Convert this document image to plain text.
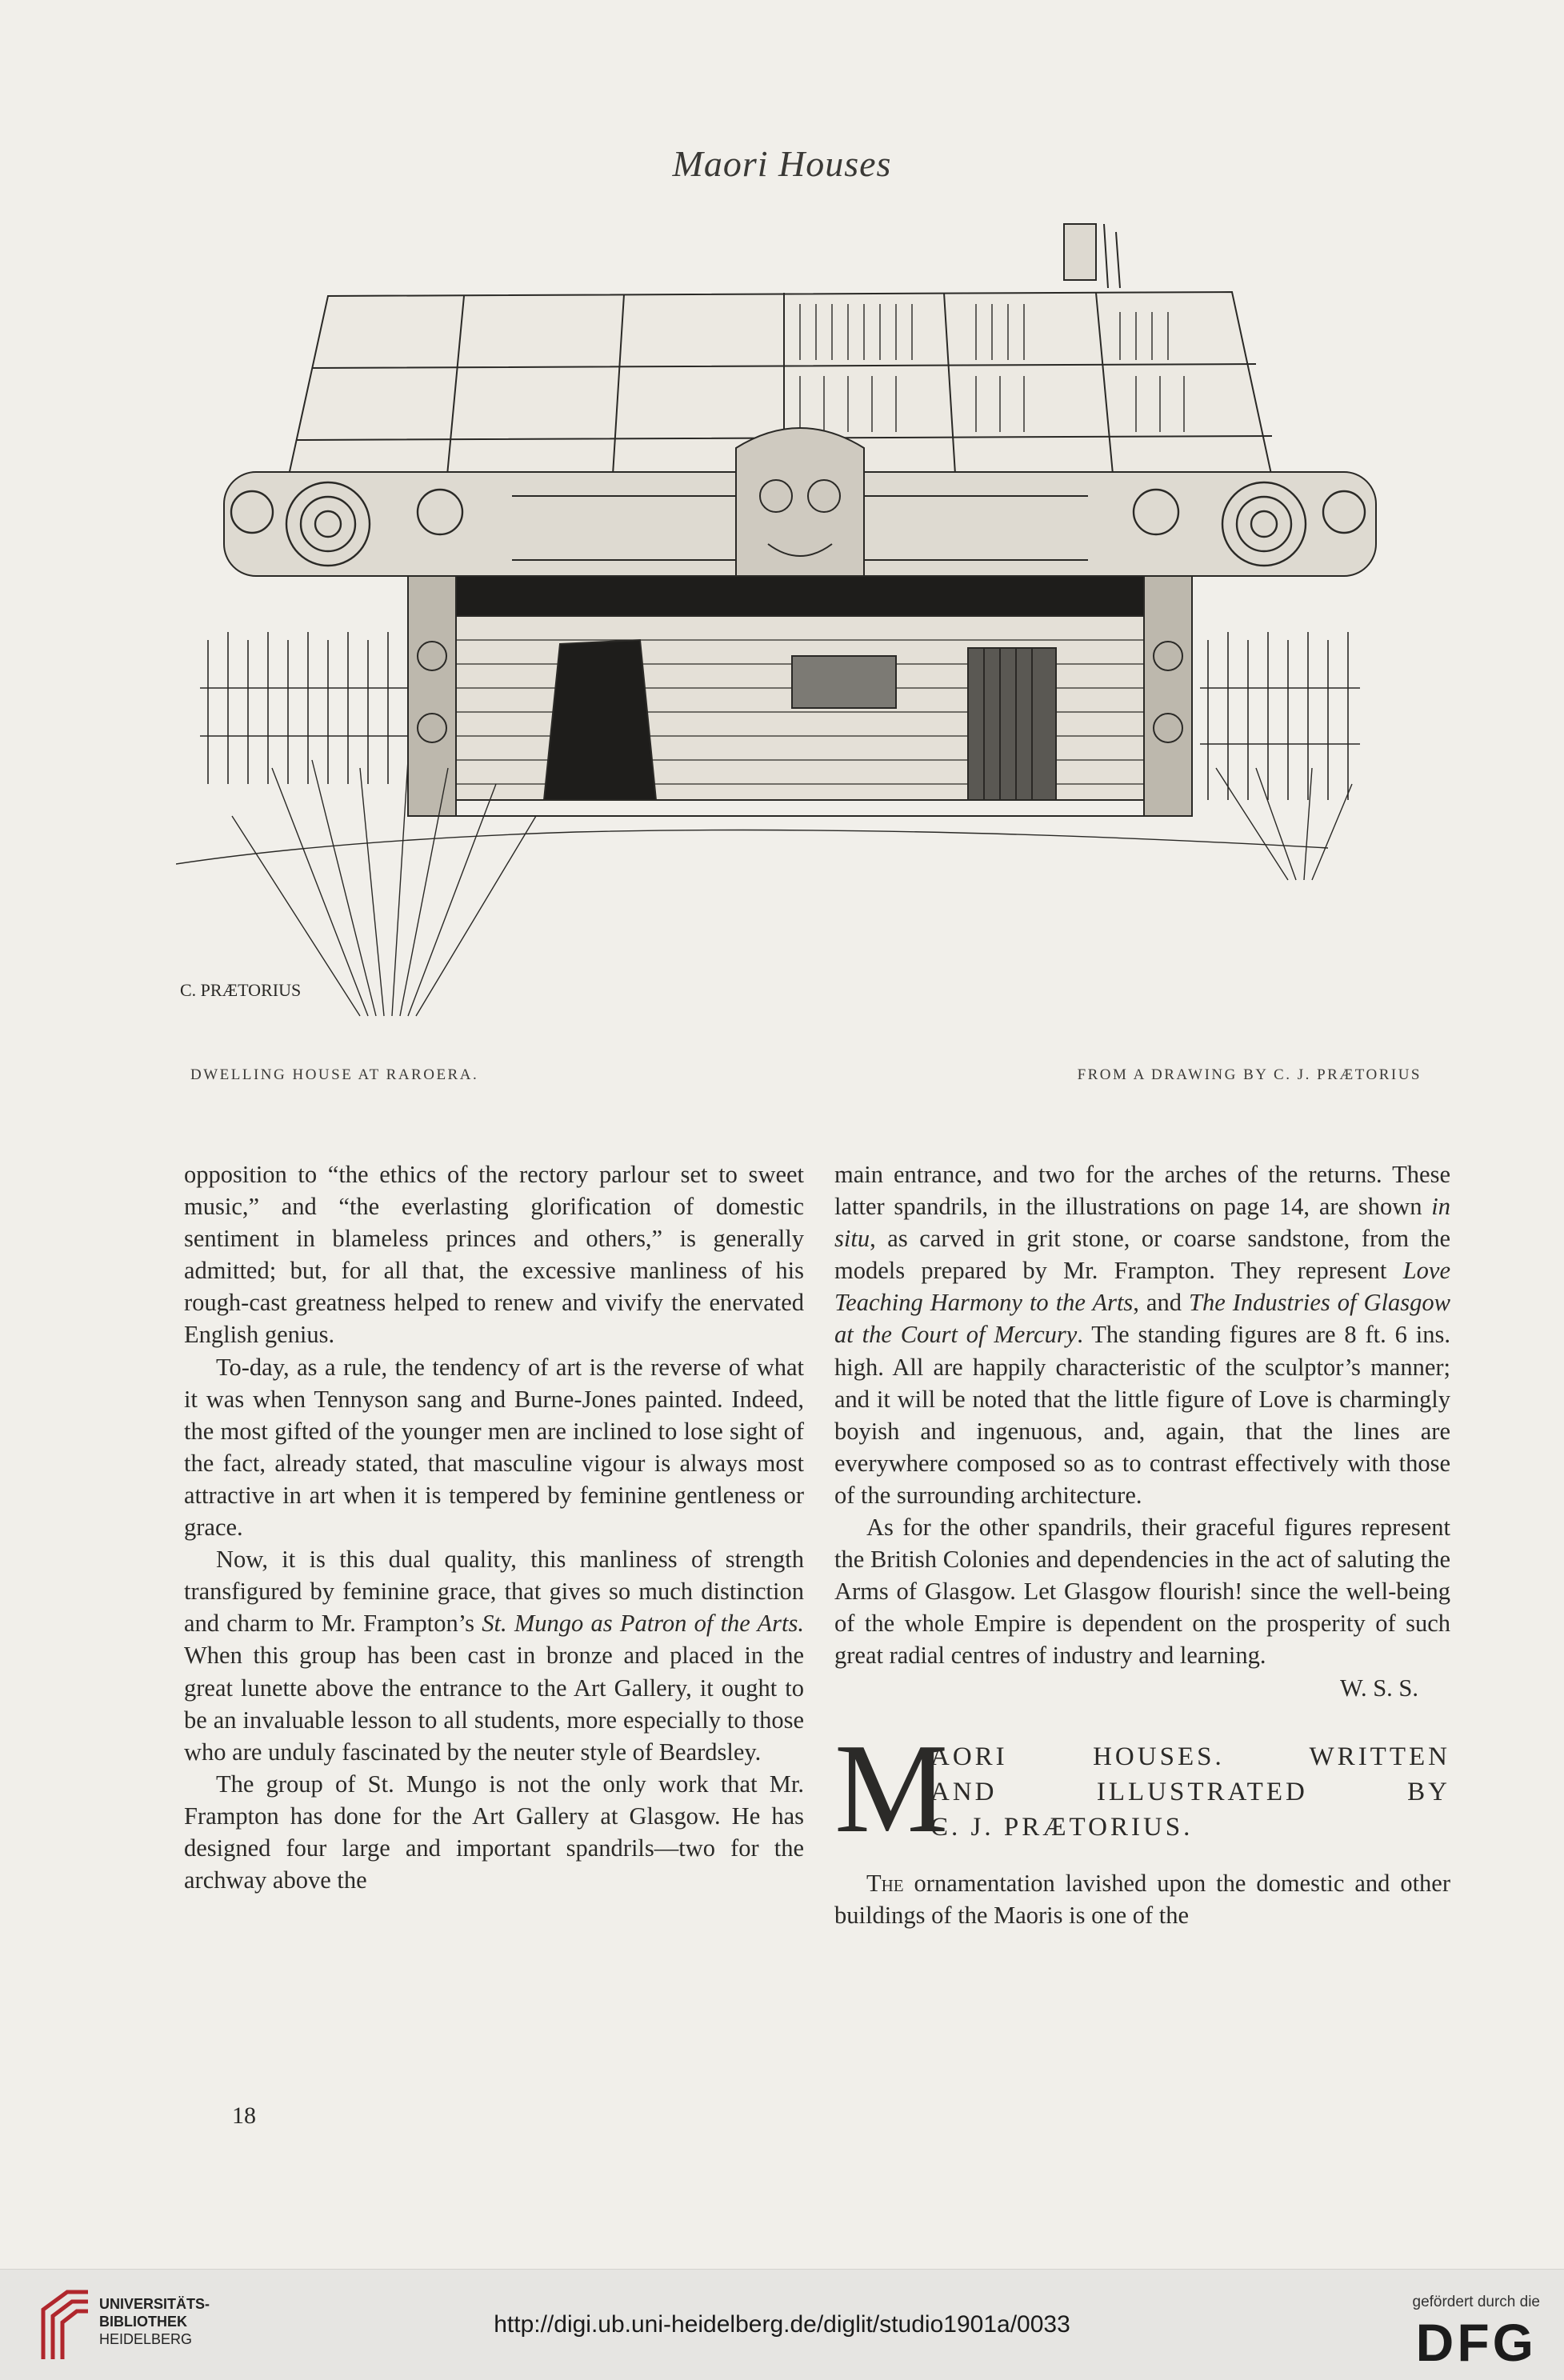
Maori Houses
C. PRÆTORIUS
DWELLING HOUSE AT RAROERA.	FROM A DRAWING BY C. J. PRÆTORIUS

opposition to “the ethics of the rectory parlour set to sweet music,” and “the everlasting glorification of domestic sentiment in blameless princes and others,” is generally admitted; but, for all that, the excessive manliness of his rough-cast greatness helped to renew and vivify the enervated English genius.

To-day, as a rule, the tendency of art is the reverse of what it was when Tennyson sang and Burne-Jones painted. Indeed, the most gifted of the younger men are inclined to lose sight of the fact, already stated, that masculine vigour is always most attractive in art when it is tempered by feminine gentleness or grace.

Now, it is this dual quality, this manliness of strength transfigured by feminine grace, that gives so much distinction and charm to Mr. Frampton’s St. Mungo as Patron of the Arts. When this group has been cast in bronze and placed in the great lunette above the entrance to the Art Gallery, it ought to be an invaluable lesson to all students, more especially to those who are unduly fascinated by the neuter style of Beardsley.

The group of St. Mungo is not the only work that Mr. Frampton has done for the Art Gallery at Glasgow. He has designed four large and important spandrils—two for the archway above the

main entrance, and two for the arches of the returns. These latter spandrils, in the illustrations on page 14, are shown in situ, as carved in grit stone, or coarse sandstone, from the models prepared by Mr. Frampton. They represent Love Teaching Harmony to the Arts, and The Industries of Glasgow at the Court of Mercury. The standing figures are 8 ft. 6 ins. high. All are happily characteristic of the sculptor’s manner; and it will be noted that the little figure of Love is charmingly boyish and ingenuous, and, again, that the lines are everywhere composed so as to contrast effectively with those of the surrounding architecture.

As for the other spandrils, their graceful figures represent the British Colonies and dependencies in the act of saluting the Arms of Glasgow. Let Glasgow flourish! since the well-being of the whole Empire is dependent on the prosperity of such great radial centres of industry and learning.

W. S. S.

M
AORI HOUSES. WRITTEN
AND ILLUSTRATED BY
C. J. PRÆTORIUS.

The ornamentation lavished upon the domestic and other buildings of the Maoris is one of the

18
UNIVERSITÄTS-
BIBLIOTHEK
HEIDELBERG
http://digi.ub.uni-heidelberg.de/diglit/studio1901a/0033
gefördert durch die
DFG
